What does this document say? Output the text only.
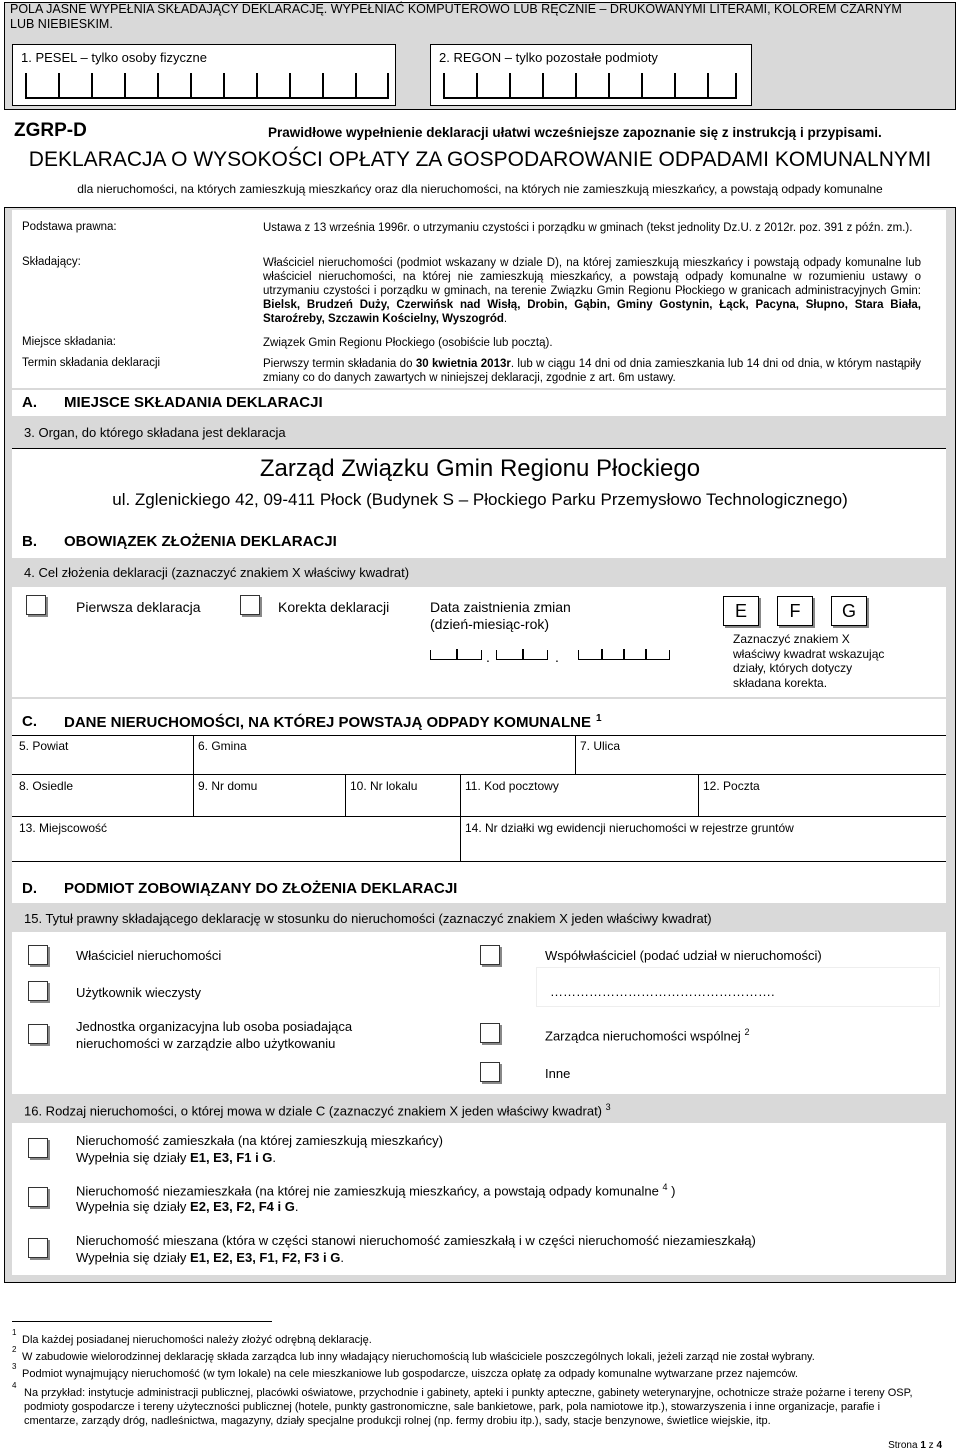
POLA JASNE WYPEŁNIA SKŁADAJĄCY DEKLARACJĘ. WYPEŁNIAĆ KOMPUTEROWO LUB RĘCZNIE – DRUKOWANYMI LITERAMI, KOLOREM CZARNYM LUB NIEBIESKIM.
1. PESEL – tylko osoby fizyczne	2. REGON – tylko pozostałe podmioty
ZGRP-D	Prawidłowe wypełnienie deklaracji ułatwi wcześniejsze zapoznanie się z instrukcją i przypisami.
DEKLARACJA O WYSOKOŚCI OPŁATY ZA GOSPODAROWANIE ODPADAMI KOMUNALNYMI
dla nieruchomości, na których zamieszkują mieszkańcy oraz dla nieruchomości, na których nie zamieszkują mieszkańcy, a powstają odpady komunalne
Podstawa prawna:	Ustawa z 13 września 1996r. o utrzymaniu czystości i porządku w gminach (tekst jednolity Dz.U. z 2012r. poz. 391 z późn. zm.).
Składający:	Właściciel nieruchomości (podmiot wskazany w dziale D), na której zamieszkują mieszkańcy i powstają odpady komunalne lub właściciel nieruchomości, na której nie zamieszkują mieszkańcy, a powstają odpady komunalne w rozumieniu ustawy o utrzymaniu czystości i porządku w gminach, na terenie Związku Gmin Regionu Płockiego w granicach administracyjnych Gmin: Bielsk, Brudzeń Duży, Czerwińsk nad Wisłą, Drobin, Gąbin, Gminy Gostynin, Łąck, Pacyna, Słupno, Stara Biała, Staroźreby, Szczawin Kościelny, Wyszogród.
Miejsce składania:	Związek Gmin Regionu Płockiego (osobiście lub pocztą).
Termin składania deklaracji	Pierwszy termin składania do 30 kwietnia 2013r. lub w ciągu 14 dni od dnia zamieszkania lub 14 dni od dnia, w którym nastąpiły zmiany co do danych zawartych w niniejszej deklaracji, zgodnie z art. 6m ustawy.
A. MIEJSCE SKŁADANIA DEKLARACJI
3. Organ, do którego składana jest deklaracja
Zarząd Związku Gmin Regionu Płockiego
ul. Zglenickiego 42, 09-411 Płock (Budynek S – Płockiego Parku Przemysłowo Technologicznego)
B. OBOWIĄZEK ZŁOŻENIA DEKLARACJI
4. Cel złożenia deklaracji (zaznaczyć znakiem X właściwy kwadrat)
Pierwsza deklaracja	Korekta deklaracji	Data zaistnienia zmian
(dzień-miesiąc-rok)
.	.
E	F	G
Zaznaczyć znakiem X właściwy kwadrat wskazując działy, których dotyczy składana korekta.
C. DANE NIERUCHOMOŚCI, NA KTÓREJ POWSTAJĄ ODPADY KOMUNALNE $^1$
5. Powiat	6. Gmina	7. Ulica
8. Osiedle	9. Nr domu	10. Nr lokalu	11. Kod pocztowy	12. Poczta
13. Miejscowość	14. Nr działki wg ewidencji nieruchomości w rejestrze gruntów
D. PODMIOT ZOBOWIĄZANY DO ZŁOŻENIA DEKLARACJI
15. Tytuł prawny składającego deklarację w stosunku do nieruchomości (zaznaczyć znakiem X jeden właściwy kwadrat)
Właściciel nieruchomości	Współwłaściciel (podać udział w nieruchomości)
…………………………………………….
Użytkownik wieczysty
Jednostka organizacyjna lub osoba posiadająca
nieruchomości w zarządzie albo użytkowaniu
Zarządca nieruchomości wspólnej $^2$
Inne
16. Rodzaj nieruchomości, o której mowa w dziale C (zaznaczyć znakiem X jeden właściwy kwadrat) $^3$
Nieruchomość zamieszkała (na której zamieszkują mieszkańcy)
Wypełnia się działy E1, E3, F1 i G.
Nieruchomość niezamieszkała (na której nie zamieszkują mieszkańcy, a powstają odpady komunalne $^4$ )
Wypełnia się działy E2, E3, F2, F4 i G.
Nieruchomość mieszana (która w części stanowi nieruchomość zamieszkałą i w części nieruchomość niezamieszkałą)
Wypełnia się działy E1, E2, E3, F1, F2, F3 i G.
1
Dla każdej posiadanej nieruchomości należy złożyć odrębną deklarację.
2
W zabudowie wielorodzinnej deklarację składa zarządca lub inny władający nieruchomością lub właściciele poszczególnych lokali, jeżeli zarząd nie został wybrany.
3
Podmiot wynajmujący nieruchomość (w tym lokale) na cele mieszkaniowe lub gospodarcze, uiszcza opłatę za odpady komunalne wytwarzane przez najemców.
4
Na przykład: instytucje administracji publicznej, placówki oświatowe, przychodnie i gabinety, apteki i punkty apteczne, gabinety weterynaryjne, ochotnicze straże pożarne i tereny OSP, podmioty gospodarcze i tereny użyteczności publicznej (hotele, punkty gastronomiczne, sale bankietowe, park, pola namiotowe itp.), stowarzyszenia i inne organizacje, parafie i cmentarze, zarządy dróg, nadleśnictwa, magazyny, działy specjalne produkcji rolnej (np. fermy drobiu itp.), sady, stacje benzynowe, świetlice wiejskie, itp.
Strona 1 z 4
